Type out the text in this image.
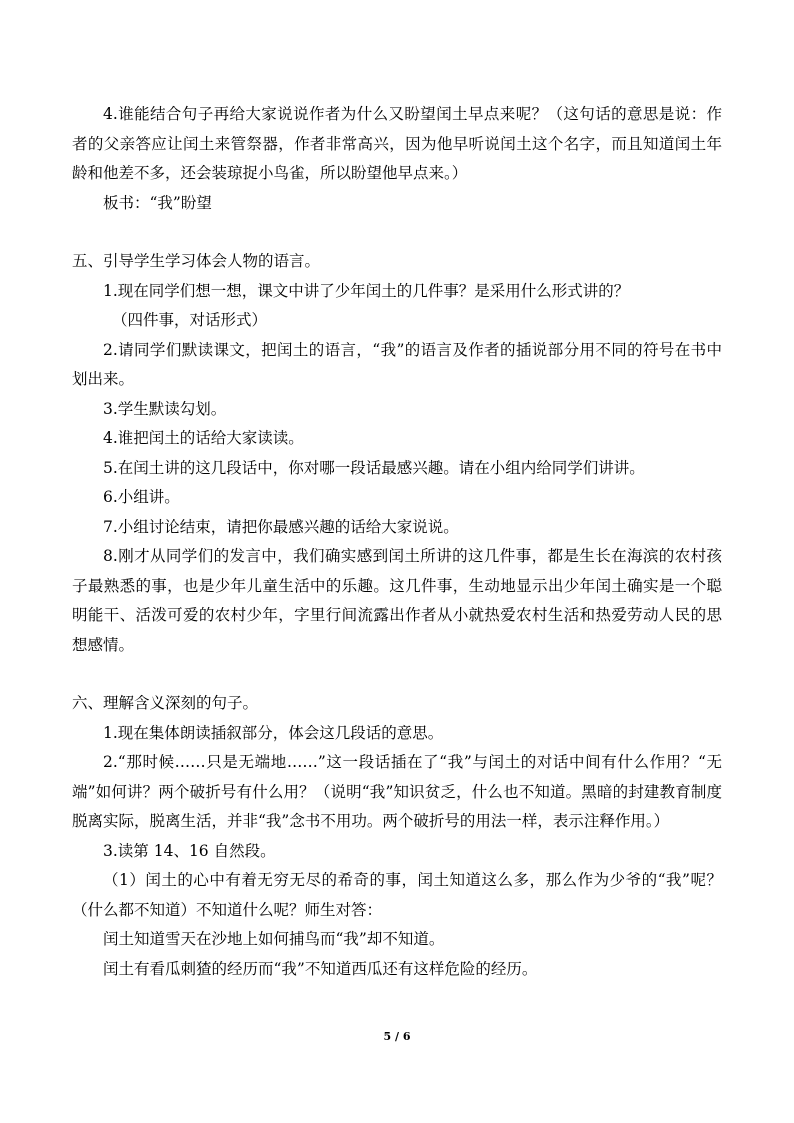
4.谁能结合句子再给大家说说作者为什么又盼望闰土早点来呢？（这句话的意思是说：作者的父亲答应让闰土来管祭器，作者非常高兴，因为他早听说闰土这个名字，而且知道闰土年龄和他差不多，还会装琼捉小鸟雀，所以盼望他早点来。）

板书：“我”盼望

五、引导学生学习体会人物的语言。

1.现在同学们想一想，课文中讲了少年闰土的几件事？是采用什么形式讲的？

（四件事，对话形式）

2.请同学们默读课文，把闰土的语言，“我”的语言及作者的插说部分用不同的符号在书中划出来。

3.学生默读勾划。

4.谁把闰土的话给大家读读。

5.在闰土讲的这几段话中，你对哪一段话最感兴趣。请在小组内给同学们讲讲。

6.小组讲。

7.小组讨论结束，请把你最感兴趣的话给大家说说。

8.刚才从同学们的发言中，我们确实感到闰土所讲的这几件事，都是生长在海滨的农村孩子最熟悉的事，也是少年儿童生活中的乐趣。这几件事，生动地显示出少年闰土确实是一个聪明能干、活泼可爱的农村少年，字里行间流露出作者从小就热爱农村生活和热爱劳动人民的思想感情。

六、理解含义深刻的句子。

1.现在集体朗读插叙部分，体会这几段话的意思。

2.“那时候……只是无端地……”这一段话插在了“我”与闰土的对话中间有什么作用？“无端”如何讲？两个破折号有什么用？（说明“我”知识贫乏，什么也不知道。黑暗的封建教育制度脱离实际，脱离生活，并非“我”念书不用功。两个破折号的用法一样，表示注释作用。）

3.读第 14、16 自然段。

（1）闰土的心中有着无穷无尽的希奇的事，闰土知道这么多，那么作为少爷的“我”呢？（什么都不知道）不知道什么呢？师生对答：

闰土知道雪天在沙地上如何捕鸟而“我”却不知道。

闰土有看瓜刺猹的经历而“我”不知道西瓜还有这样危险的经历。

5 / 6
